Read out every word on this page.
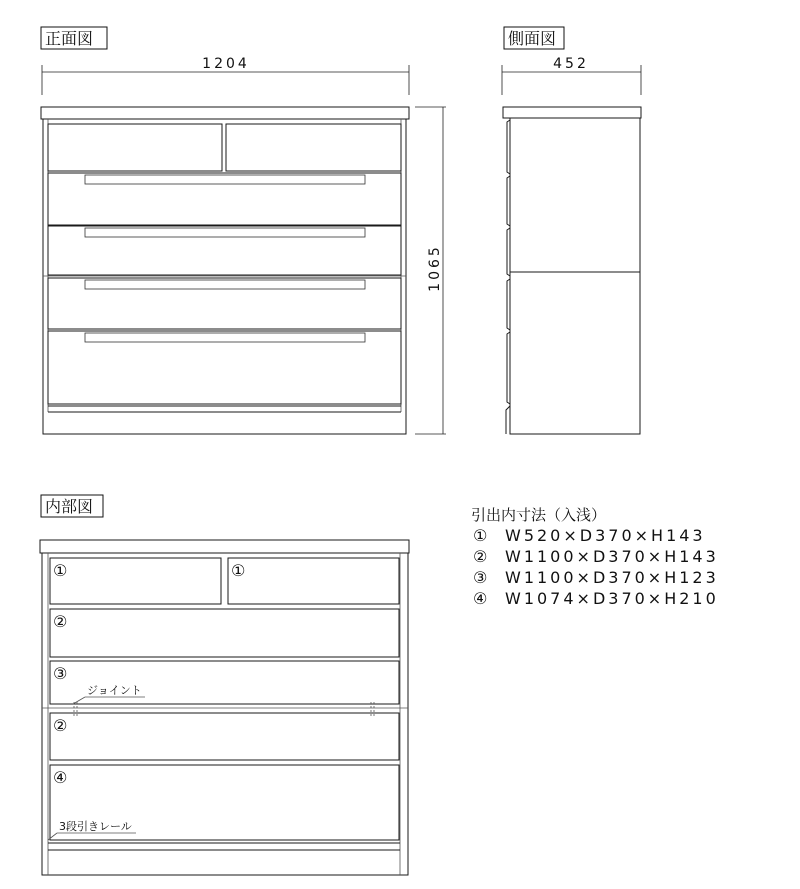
正面図
1204
1065
側面図
452
内部図
①	①
②
③
②
④
ジョイント
3段引きレール
引出内寸法（入浅）
① W520×D370×H143
② W1100×D370×H143
③ W1100×D370×H123
④ W1074×D370×H210
